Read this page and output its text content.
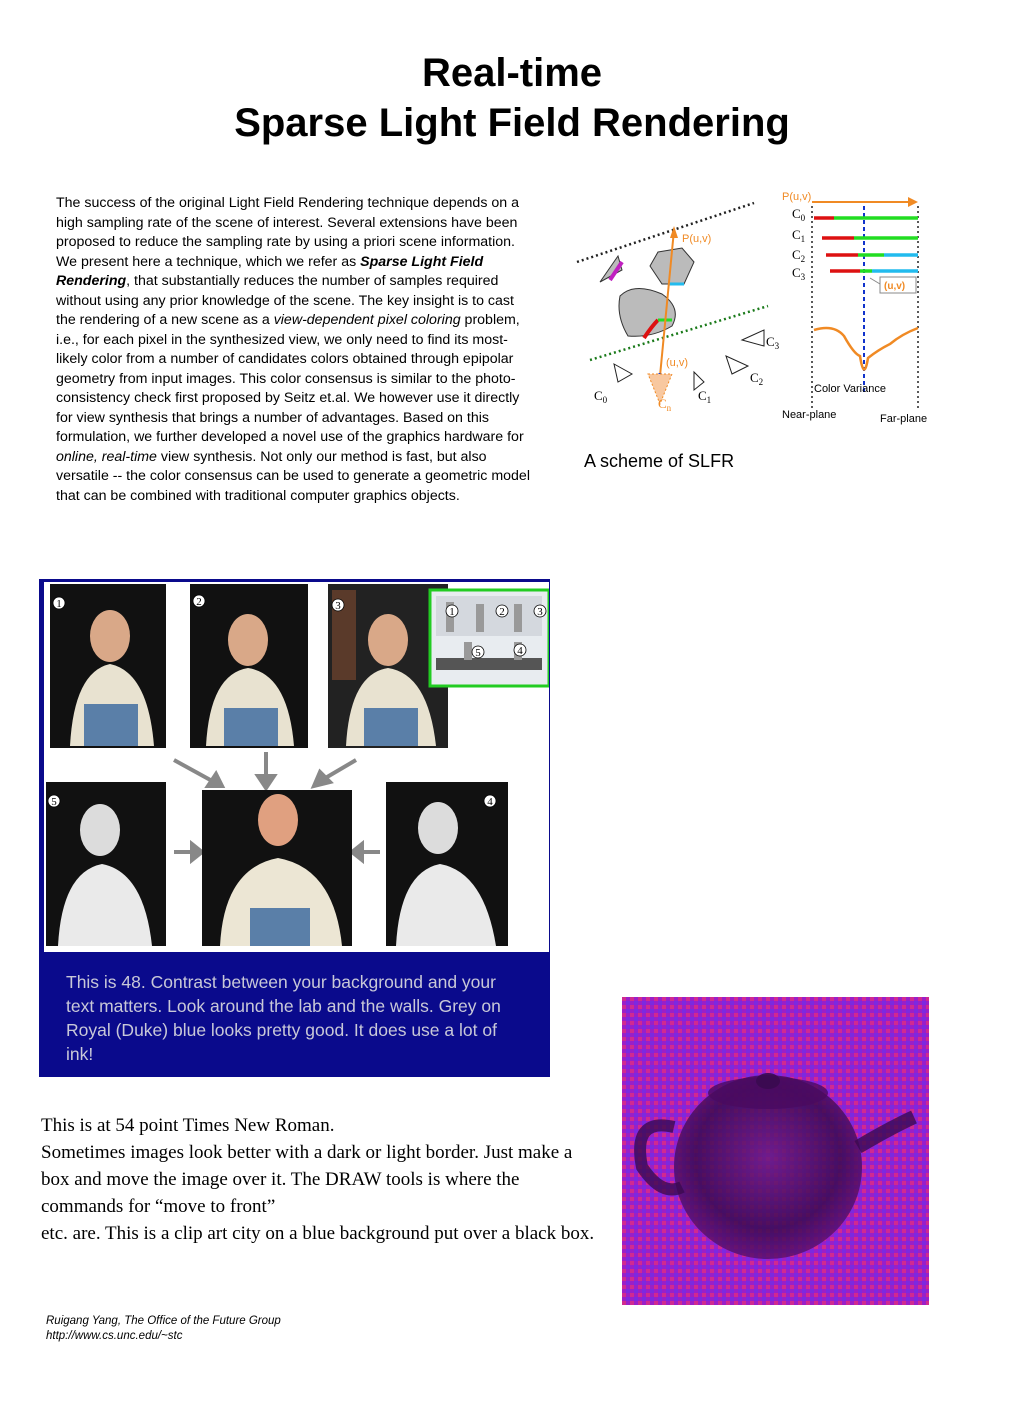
Real-time
Sparse Light Field Rendering
The success of the original Light Field Rendering technique depends on a high sampling rate of the scene of interest. Several extensions have been proposed to reduce the sampling rate by using a priori scene information. We present here a technique, which we refer as Sparse Light Field Rendering, that substantially reduces the number of samples required without using any prior knowledge of the scene. The key insight is to cast the rendering of a new scene as a view-dependent pixel coloring problem, i.e., for each pixel in the synthesized view, we only need to find its most-likely color from a number of candidates colors obtained through epipolar geometry from input images. This color consensus is similar to the photo-consistency check first proposed by Seitz et.al. We however use it directly for view synthesis that brings a number of advantages. Based on this formulation, we further developed a novel use of the graphics hardware for online, real-time view synthesis. Not only our method is fast, but also versatile -- the color consensus can be used to generate a geometric model that can be combined with traditional computer graphics objects.
P(u,v)
(u,v)
$C_0$	$C_n$
$C_1$
$C_2$
$C_3$
P(u,v)
$C_0$
$C_1$
$C_2$
$C_3$
(u,v)
Color Variance
Near-plane	Far-plane
A scheme of SLFR
1	2	3	1	2	3
5	4
5	4
This is 48. Contrast between your background and your text matters. Look around the lab and the walls. Grey on Royal (Duke) blue looks pretty good. It does use a lot of ink!

This is at 54 point Times New Roman.

Sometimes images look better with a dark or light border. Just make a box and move the image over it. The DRAW tools is where the commands for “move to front”

etc. are. This is a clip art city on a blue background put over a black box.

Ruigang Yang, The Office of the Future Group
http://www.cs.unc.edu/~stc
